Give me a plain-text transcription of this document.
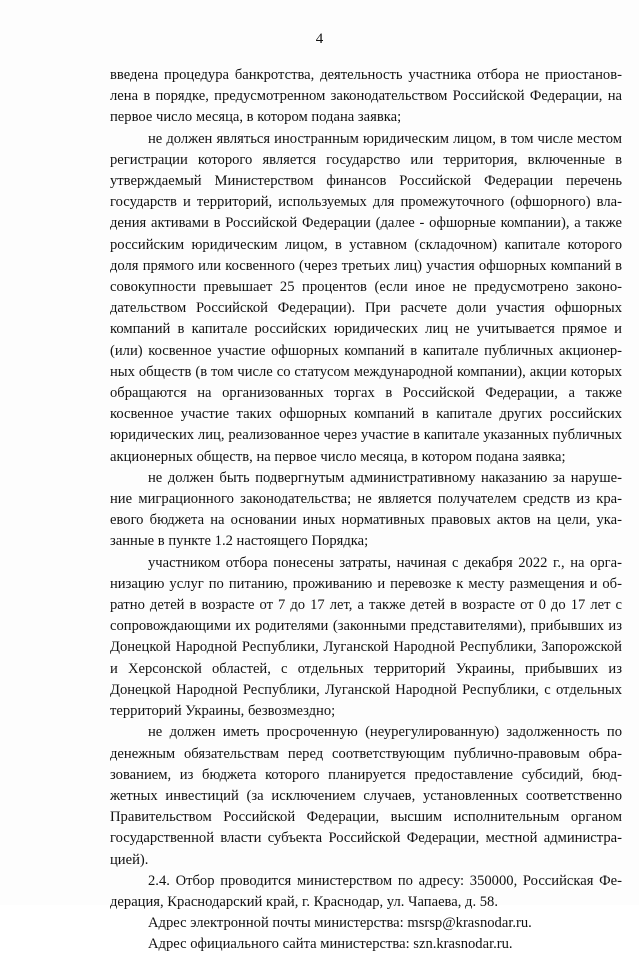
4

введена процедура банкротства, деятельность участника отбора не приостановлена в порядке, предусмотренном законодательством Российской Федерации, на первое число месяца, в котором подана заявка;

не должен являться иностранным юридическим лицом, в том числе местом регистрации которого является государство или территория, включенные в утверждаемый Министерством финансов Российской Федерации перечень государств и территорий, используемых для промежуточного (офшорного) владения активами в Российской Федерации (далее - офшорные компании), а также российским юридическим лицом, в уставном (складочном) капитале которого доля прямого или косвенного (через третьих лиц) участия офшорных компаний в совокупности превышает 25 процентов (если иное не предусмотрено законодательством Российской Федерации). При расчете доли участия офшорных компаний в капитале российских юридических лиц не учитывается прямое и (или) косвенное участие офшорных компаний в капитале публичных акционерных обществ (в том числе со статусом международной компании), акции которых обращаются на организованных торгах в Российской Федерации, а также косвенное участие таких офшорных компаний в капитале других российских юридических лиц, реализованное через участие в капитале указанных публичных акционерных обществ, на первое число месяца, в котором подана заявка;

не должен быть подвергнутым административному наказанию за нарушение миграционного законодательства; не является получателем средств из краевого бюджета на основании иных нормативных правовых актов на цели, указанные в пункте 1.2 настоящего Порядка;

участником отбора понесены затраты, начиная с декабря 2022 г., на организацию услуг по питанию, проживанию и перевозке к месту размещения и обратно детей в возрасте от 7 до 17 лет, а также детей в возрасте от 0 до 17 лет с сопровождающими их родителями (законными представителями), прибывших из Донецкой Народной Республики, Луганской Народной Республики, Запорожской и Херсонской областей, с отдельных территорий Украины, прибывших из Донецкой Народной Республики, Луганской Народной Республики, с отдельных территорий Украины, безвозмездно;

не должен иметь просроченную (неурегулированную) задолженность по денежным обязательствам перед соответствующим публично-правовым образованием, из бюджета которого планируется предоставление субсидий, бюджетных инвестиций (за исключением случаев, установленных соответственно Правительством Российской Федерации, высшим исполнительным органом государственной власти субъекта Российской Федерации, местной администрацией).

2.4. Отбор проводится министерством по адресу: 350000, Российская Федерация, Краснодарский край, г. Краснодар, ул. Чапаева, д. 58.

Адрес электронной почты министерства: msrsp@krasnodar.ru.

Адрес официального сайта министерства: szn.krasnodar.ru.
